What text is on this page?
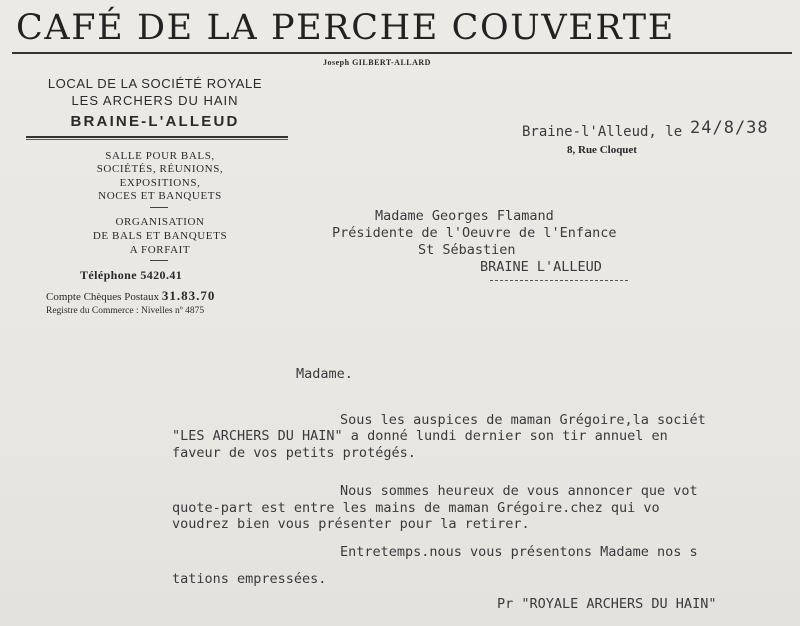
CAFÉ DE LA PERCHE COUVERTE
Joseph GILBERT-ALLARD
LOCAL DE LA SOCIÉTÉ ROYALE
LES ARCHERS DU HAIN
BRAINE-L'ALLEUD
SALLE POUR BALS,
SOCIÉTÉS, RÉUNIONS,
EXPOSITIONS,
NOCES ET BANQUETS
ORGANISATION
DE BALS ET BANQUETS
A FORFAIT
Téléphone 5420.41
Compte Chèques Postaux 31.83.70
Registre du Commerce : Nivelles nº 4875
Braine-l'Alleud, le 24/8/38
8, Rue Cloquet
Madame Georges Flamand
Présidente de l'Oeuvre de l'Enfance
St Sébastien
BRAINE L'ALLEUD
Madame.
Sous les auspices de maman Grégoire,la sociét
"LES ARCHERS DU HAIN" a donné lundi dernier son tir annuel en
faveur de vos petits protégés.
Nous sommes heureux de vous annoncer que vot
quote-part est entre les mains de maman Grégoire.chez qui vo
voudrez bien vous présenter pour la retirer.
Entretemps.nous vous présentons Madame nos s
tations empressées.
Pr "ROYALE ARCHERS DU HAIN"
